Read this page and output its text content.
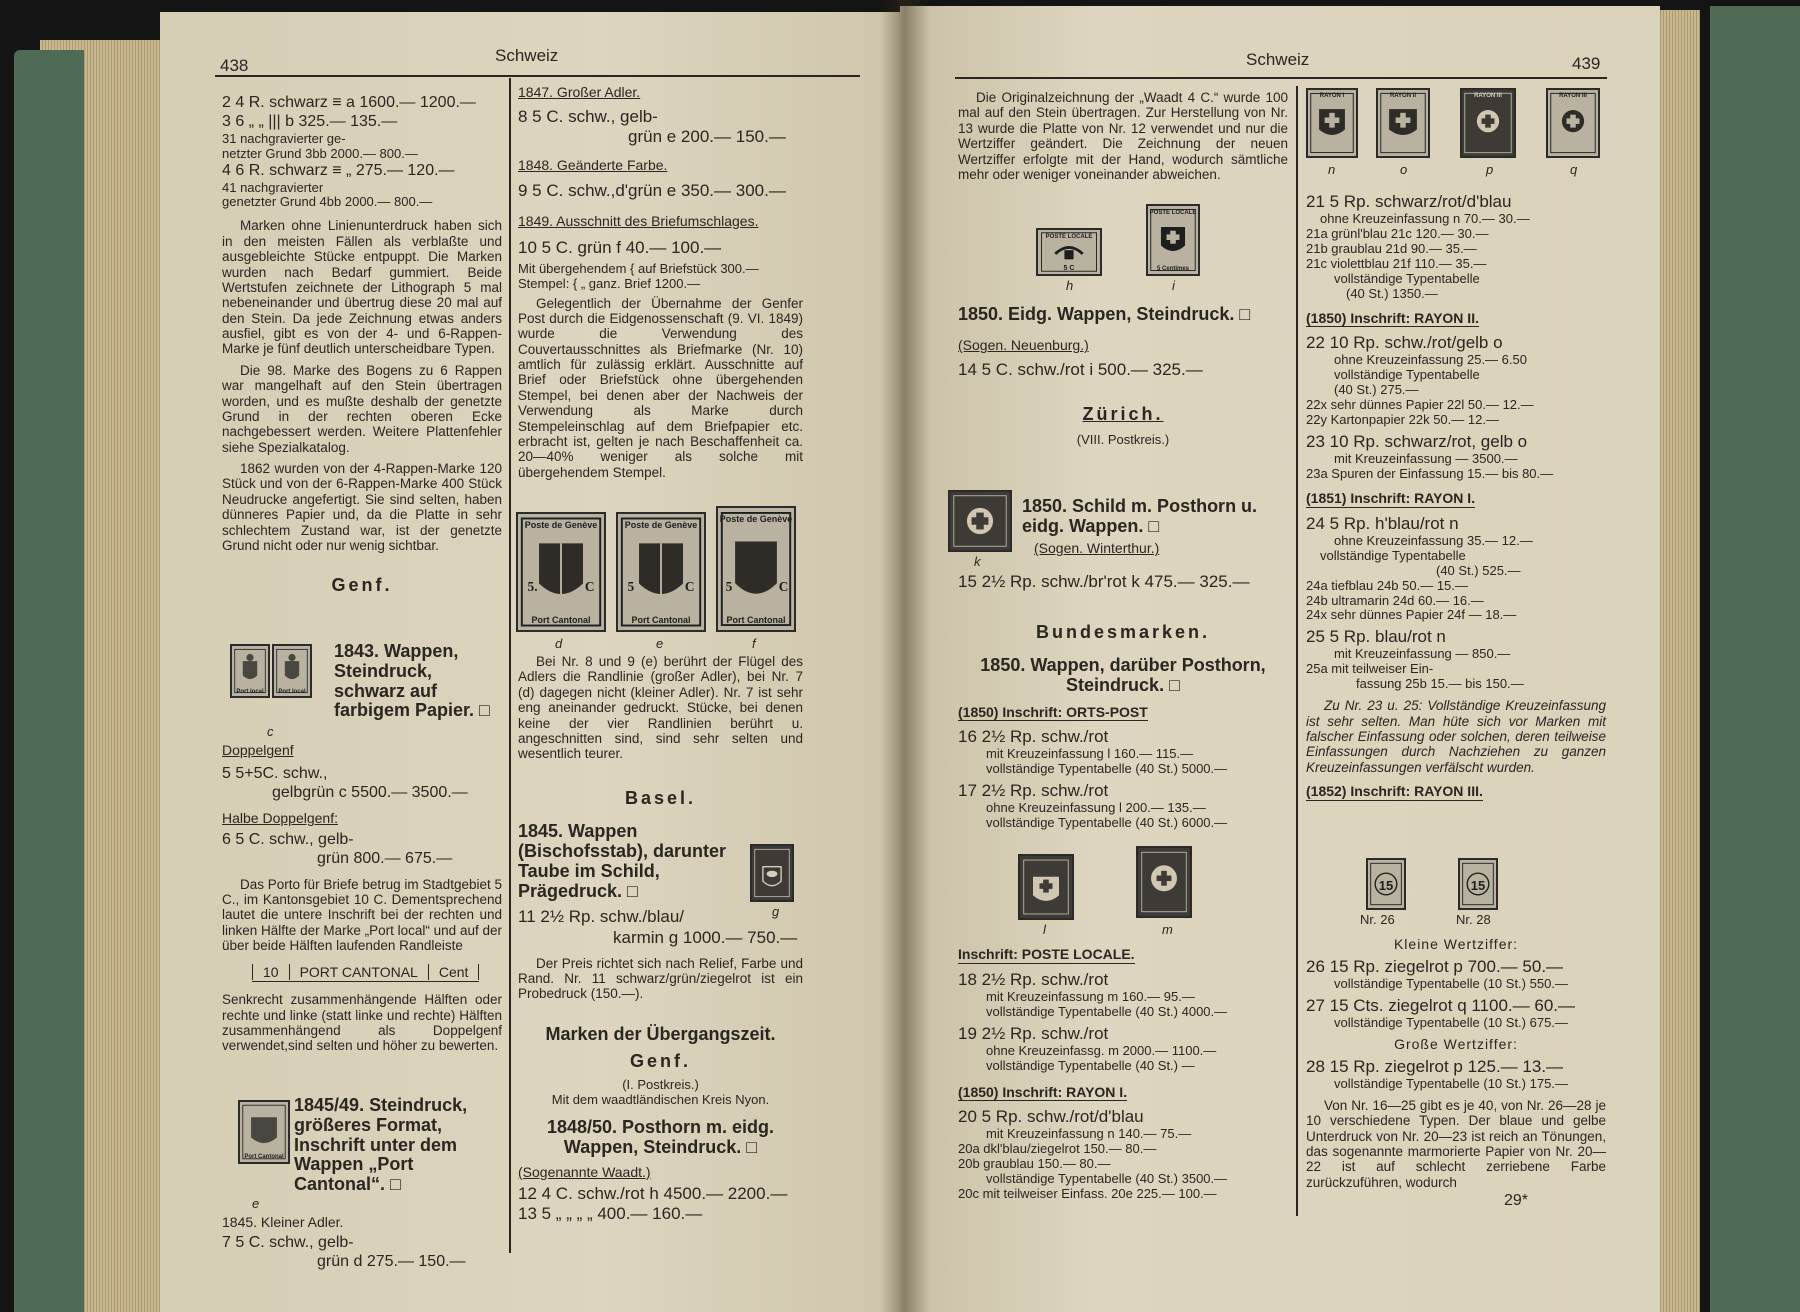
438
Schweiz
2 4 R. schwarz ≡ a 1600.— 1200.—
3 6 „ „ ||| b 325.— 135.—
31 nachgravierter ge-
netzter Grund 3bb 2000.— 800.—
4 6 R. schwarz ≡ „ 275.— 120.—
41 nachgravierter
genetzter Grund 4bb 2000.— 800.—

Marken ohne Linienunterdruck haben sich in den meisten Fällen als verblaßte und ausgebleichte Stücke entpuppt. Die Marken wurden nach Bedarf gummiert. Beide Wertstufen zeichnete der Lithograph 5 mal nebeneinander und übertrug diese 20 mal auf den Stein. Da jede Zeichnung etwas anders ausfiel, gibt es von der 4- und 6-Rappen-Marke je fünf deutlich unterscheidbare Typen.

Die 98. Marke des Bogens zu 6 Rappen war mangelhaft auf den Stein übertragen worden, und es mußte deshalb der genetzte Grund in der rechten oberen Ecke nachgebessert werden. Weitere Plattenfehler siehe Spezialkatalog.

1862 wurden von der 4-Rappen-Marke 120 Stück und von der 6-Rappen-Marke 400 Stück Neudrucke angefertigt. Sie sind selten, haben dünneres Papier und, da die Platte in sehr schlechtem Zustand war, ist der genetzte Grund nicht oder nur wenig sichtbar.

Genf.
Port local	Port local
1843. Wappen, Steindruck, schwarz auf farbigem Papier. □
c
Doppelgenf
5 5+5C. schw.,
gelbgrün c 5500.— 3500.—
Halbe Doppelgenf:
6 5 C. schw., gelb-
grün 800.— 675.—

Das Porto für Briefe betrug im Stadtgebiet 5 C., im Kantonsgebiet 10 C. Dementsprechend lautet die untere Inschrift bei der rechten und linken Hälfte der Marke „Port local“ und auf der über beide Hälften laufenden Randleiste

10 PORT CANTONAL Cent

Senkrecht zusammenhängende Hälften oder rechte und linke (statt linke und rechte) Hälften zusammenhängend als Doppelgenf verwendet,sind selten und höher zu bewerten.

Port Cantonal
1845/49. Steindruck, größeres Format, Inschrift unter dem Wappen „Port Cantonal“. □
e
1845. Kleiner Adler.
7 5 C. schw., gelb-
grün d 275.— 150.—
1847. Großer Adler.
8 5 C. schw., gelb-
grün e 200.— 150.—
1848. Geänderte Farbe.
9 5 C. schw.,d'grün e 350.— 300.—
1849. Ausschnitt des Briefumschlages.
10 5 C. grün f 40.— 100.—
Mit übergehendem { auf Briefstück 300.—
Stempel: { „ ganz. Brief 1200.—

Gelegentlich der Übernahme der Genfer Post durch die Eidgenossenschaft (9. VI. 1849) wurde die Verwendung des Couvertausschnittes als Briefmarke (Nr. 10) amtlich für zulässig erklärt. Ausschnitte auf Brief oder Briefstück ohne übergehenden Stempel, bei denen aber der Nachweis der Verwendung als Marke durch Stempeleinschlag auf dem Briefpapier etc. erbracht ist, gelten je nach Beschaffenheit ca. 20—40% weniger als solche mit übergehendem Stempel.

5.	C
Poste de Genève
Port Cantonal
5	C
Poste de Genève
Port Cantonal
5	C
Poste de Genève
Port Cantonal
d	e	f

Bei Nr. 8 und 9 (e) berührt der Flügel des Adlers die Randlinie (großer Adler), bei Nr. 7 (d) dagegen nicht (kleiner Adler). Nr. 7 ist sehr eng aneinander gedruckt. Stücke, bei denen keine der vier Randlinien berührt u. angeschnitten sind, sind sehr selten und wesentlich teurer.

Basel.
1845. Wappen (Bischofsstab), darunter Taube im Schild, Prägedruck. □
11 2½ Rp. schw./blau/
karmin g 1000.— 750.—

Der Preis richtet sich nach Relief, Farbe und Rand. Nr. 11 schwarz/grün/ziegelrot ist ein Probedruck (150.—).

Marken der Übergangszeit.
Genf.
(I. Postkreis.)
Mit dem waadtländischen Kreis Nyon.
1848/50. Posthorn m. eidg. Wappen, Steindruck. □
(Sogenannte Waadt.)
12 4 C. schw./rot h 4500.— 2200.—
13 5 „ „ „ „ 400.— 160.—
g
Schweiz	439

Die Originalzeichnung der „Waadt 4 C.“ wurde 100 mal auf den Stein übertragen. Zur Herstellung von Nr. 13 wurde die Platte von Nr. 12 verwendet und nur die Wertziffer geändert. Die Zeichnung der neuen Wertziffer erfolgte mit der Hand, wodurch sämtliche mehr oder weniger voneinander abweichen.

POSTE LOCALE
5 C
POSTE LOCALE
5 Centimes
h	i
1850. Eidg. Wappen, Steindruck. □
(Sogen. Neuenburg.)
14 5 C. schw./rot i 500.— 325.—
Zürich.
(VIII. Postkreis.)
k
1850. Schild m. Posthorn u. eidg. Wappen. □
(Sogen. Winterthur.)
15 2½ Rp. schw./br'rot k 475.— 325.—
Bundesmarken.
1850. Wappen, darüber Posthorn, Steindruck. □
(1850) Inschrift: ORTS-POST
16 2½ Rp. schw./rot
mit Kreuzeinfassung l 160.— 115.—
vollständige Typentabelle (40 St.) 5000.—
17 2½ Rp. schw./rot
ohne Kreuzeinfassung l 200.— 135.—
vollständige Typentabelle (40 St.) 6000.—
l	m
Inschrift: POSTE LOCALE.
18 2½ Rp. schw./rot
mit Kreuzeinfassung m 160.— 95.—
vollständige Typentabelle (40 St.) 4000.—
19 2½ Rp. schw./rot
ohne Kreuzeinfassg. m 2000.— 1100.—
vollständige Typentabelle (40 St.) —
(1850) Inschrift: RAYON I.
20 5 Rp. schw./rot/d'blau
mit Kreuzeinfassung n 140.— 75.—
20a dkl'blau/ziegelrot 150.— 80.—
20b graublau 150.— 80.—
vollständige Typentabelle (40 St.) 3500.—
20c mit teilweiser Einfass. 20e 225.— 100.—
RAYON I	RAYON II	RAYON III	RAYON III
n	o	p	q
21 5 Rp. schwarz/rot/d'blau
ohne Kreuzeinfassung n 70.— 30.—
21a grünl'blau 21c 120.— 30.—
21b graublau 21d 90.— 35.—
21c violettblau 21f 110.— 35.—
vollständige Typentabelle
(40 St.) 1350.—
(1850) Inschrift: RAYON II.
22 10 Rp. schw./rot/gelb o
ohne Kreuzeinfassung 25.— 6.50
vollständige Typentabelle
(40 St.) 275.—
22x sehr dünnes Papier 22l 50.— 12.—
22y Kartonpapier 22k 50.— 12.—
23 10 Rp. schwarz/rot, gelb o
mit Kreuzeinfassung — 3500.—
23a Spuren der Einfassung 15.— bis 80.—
(1851) Inschrift: RAYON I.
24 5 Rp. h'blau/rot n
ohne Kreuzeinfassung 35.— 12.—
vollständige Typentabelle
(40 St.) 525.—
24a tiefblau 24b 50.— 15.—
24b ultramarin 24d 60.— 16.—
24x sehr dünnes Papier 24f — 18.—
25 5 Rp. blau/rot n
mit Kreuzeinfassung — 850.—
25a mit teilweiser Ein-
fassung 25b 15.— bis 150.—

Zu Nr. 23 u. 25: Vollständige Kreuzeinfassung ist sehr selten. Man hüte sich vor Marken mit falscher Einfassung oder solchen, deren teilweise Einfassungen durch Nachziehen zu ganzen Kreuzeinfassungen verfälscht wurden.

(1852) Inschrift: RAYON III.
15	15
Nr. 26	Nr. 28
Kleine Wertziffer:
26 15 Rp. ziegelrot p 700.— 50.—
vollständige Typentabelle (10 St.) 550.—
27 15 Cts. ziegelrot q 1100.— 60.—
vollständige Typentabelle (10 St.) 675.—
Große Wertziffer:
28 15 Rp. ziegelrot p 125.— 13.—
vollständige Typentabelle (10 St.) 175.—

Von Nr. 16—25 gibt es je 40, von Nr. 26—28 je 10 verschiedene Typen. Der blaue und gelbe Unterdruck von Nr. 20—23 ist reich an Tönungen, das sogenannte marmorierte Papier von Nr. 20—22 ist auf schlecht zerriebene Farbe zurückzuführen, wodurch

29*
